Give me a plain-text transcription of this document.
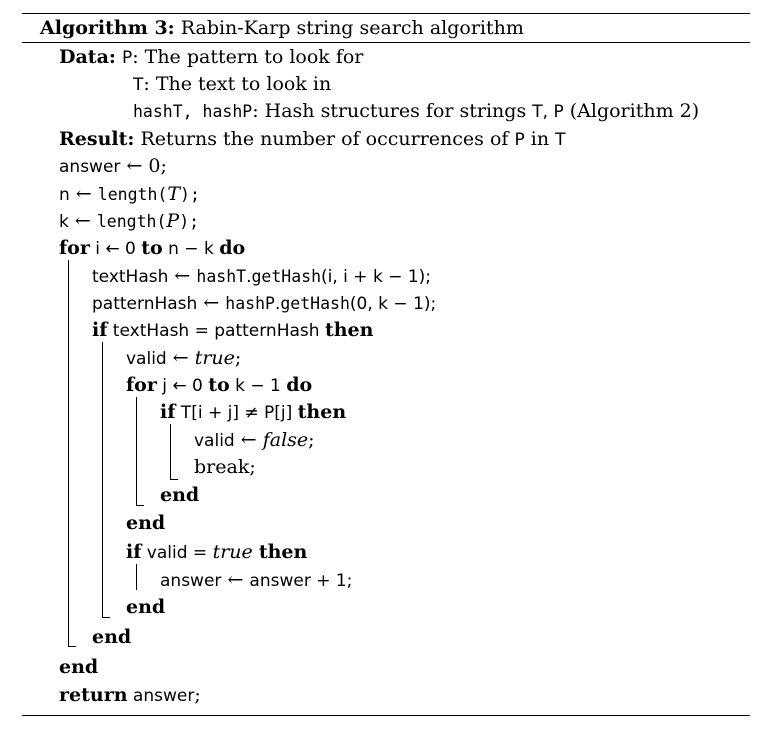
Algorithm 3: Rabin-Karp string search algorithm
Data: P: The pattern to look for
T: The text to look in
hashT, hashP: Hash structures for strings T, P (Algorithm 2)
Result: Returns the number of occurrences of P in T
answer ← 0;
n ← length(T);
k ← length(P);
for i ← 0 to n − k do
textHash ← hashT.getHash(i, i + k − 1);
patternHash ← hashP.getHash(0, k − 1);
if textHash = patternHash then
valid ← true;
for j ← 0 to k − 1 do
if T[i + j] ≠ P[j] then
valid ← false;
break;
end
end
if valid = true then
answer ← answer + 1;
end
end
end
return answer;
